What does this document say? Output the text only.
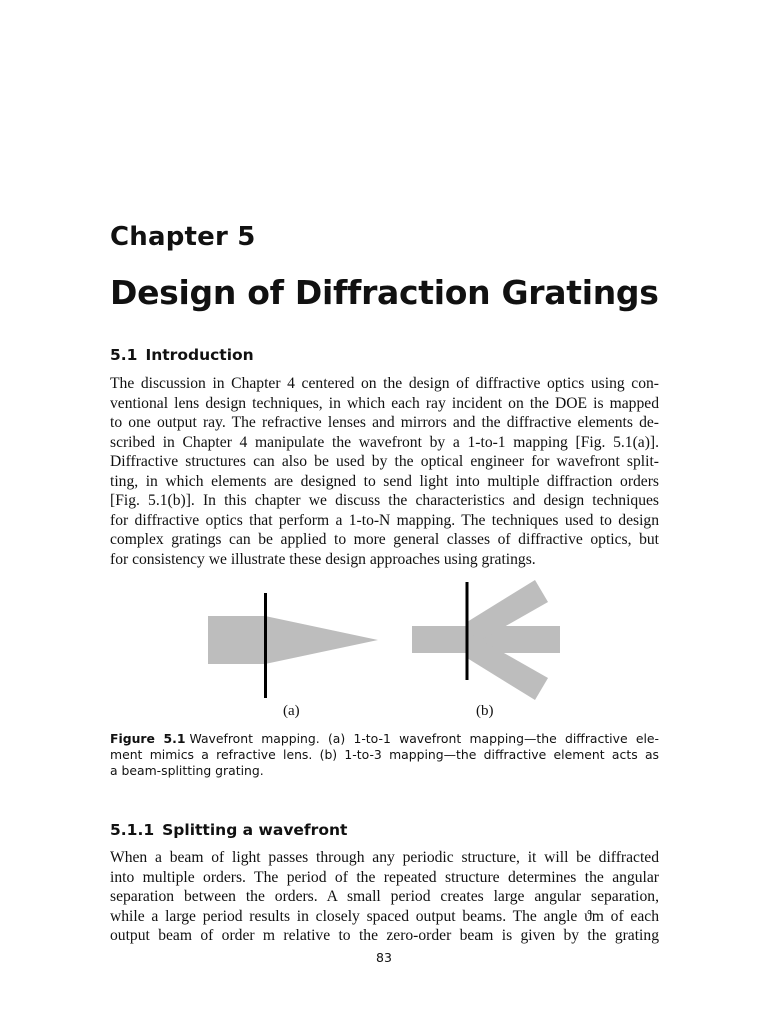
Chapter 5
Design of Diffraction Gratings
5.1 Introduction
The discussion in Chapter 4 centered on the design of diffractive optics using con-
ventional lens design techniques, in which each ray incident on the DOE is mapped
to one output ray. The refractive lenses and mirrors and the diffractive elements de-
scribed in Chapter 4 manipulate the wavefront by a 1-to-1 mapping [Fig. 5.1(a)].
Diffractive structures can also be used by the optical engineer for wavefront split-
ting, in which elements are designed to send light into multiple diffraction orders
[Fig. 5.1(b)]. In this chapter we discuss the characteristics and design techniques
for diffractive optics that perform a 1-to-N mapping. The techniques used to design
complex gratings can be applied to more general classes of diffractive optics, but
for consistency we illustrate these design approaches using gratings.
(a)	(b)
Figure 5.1 Wavefront mapping. (a) 1-to-1 wavefront mapping—the diffractive ele-
ment mimics a refractive lens. (b) 1-to-3 mapping—the diffractive element acts as
a beam-splitting grating.
5.1.1 Splitting a wavefront
When a beam of light passes through any periodic structure, it will be diffracted
into multiple orders. The period of the repeated structure determines the angular
separation between the orders. A small period creates large angular separation,
while a large period results in closely spaced output beams. The angle ϑm of each
output beam of order m relative to the zero-order beam is given by the grating
83
